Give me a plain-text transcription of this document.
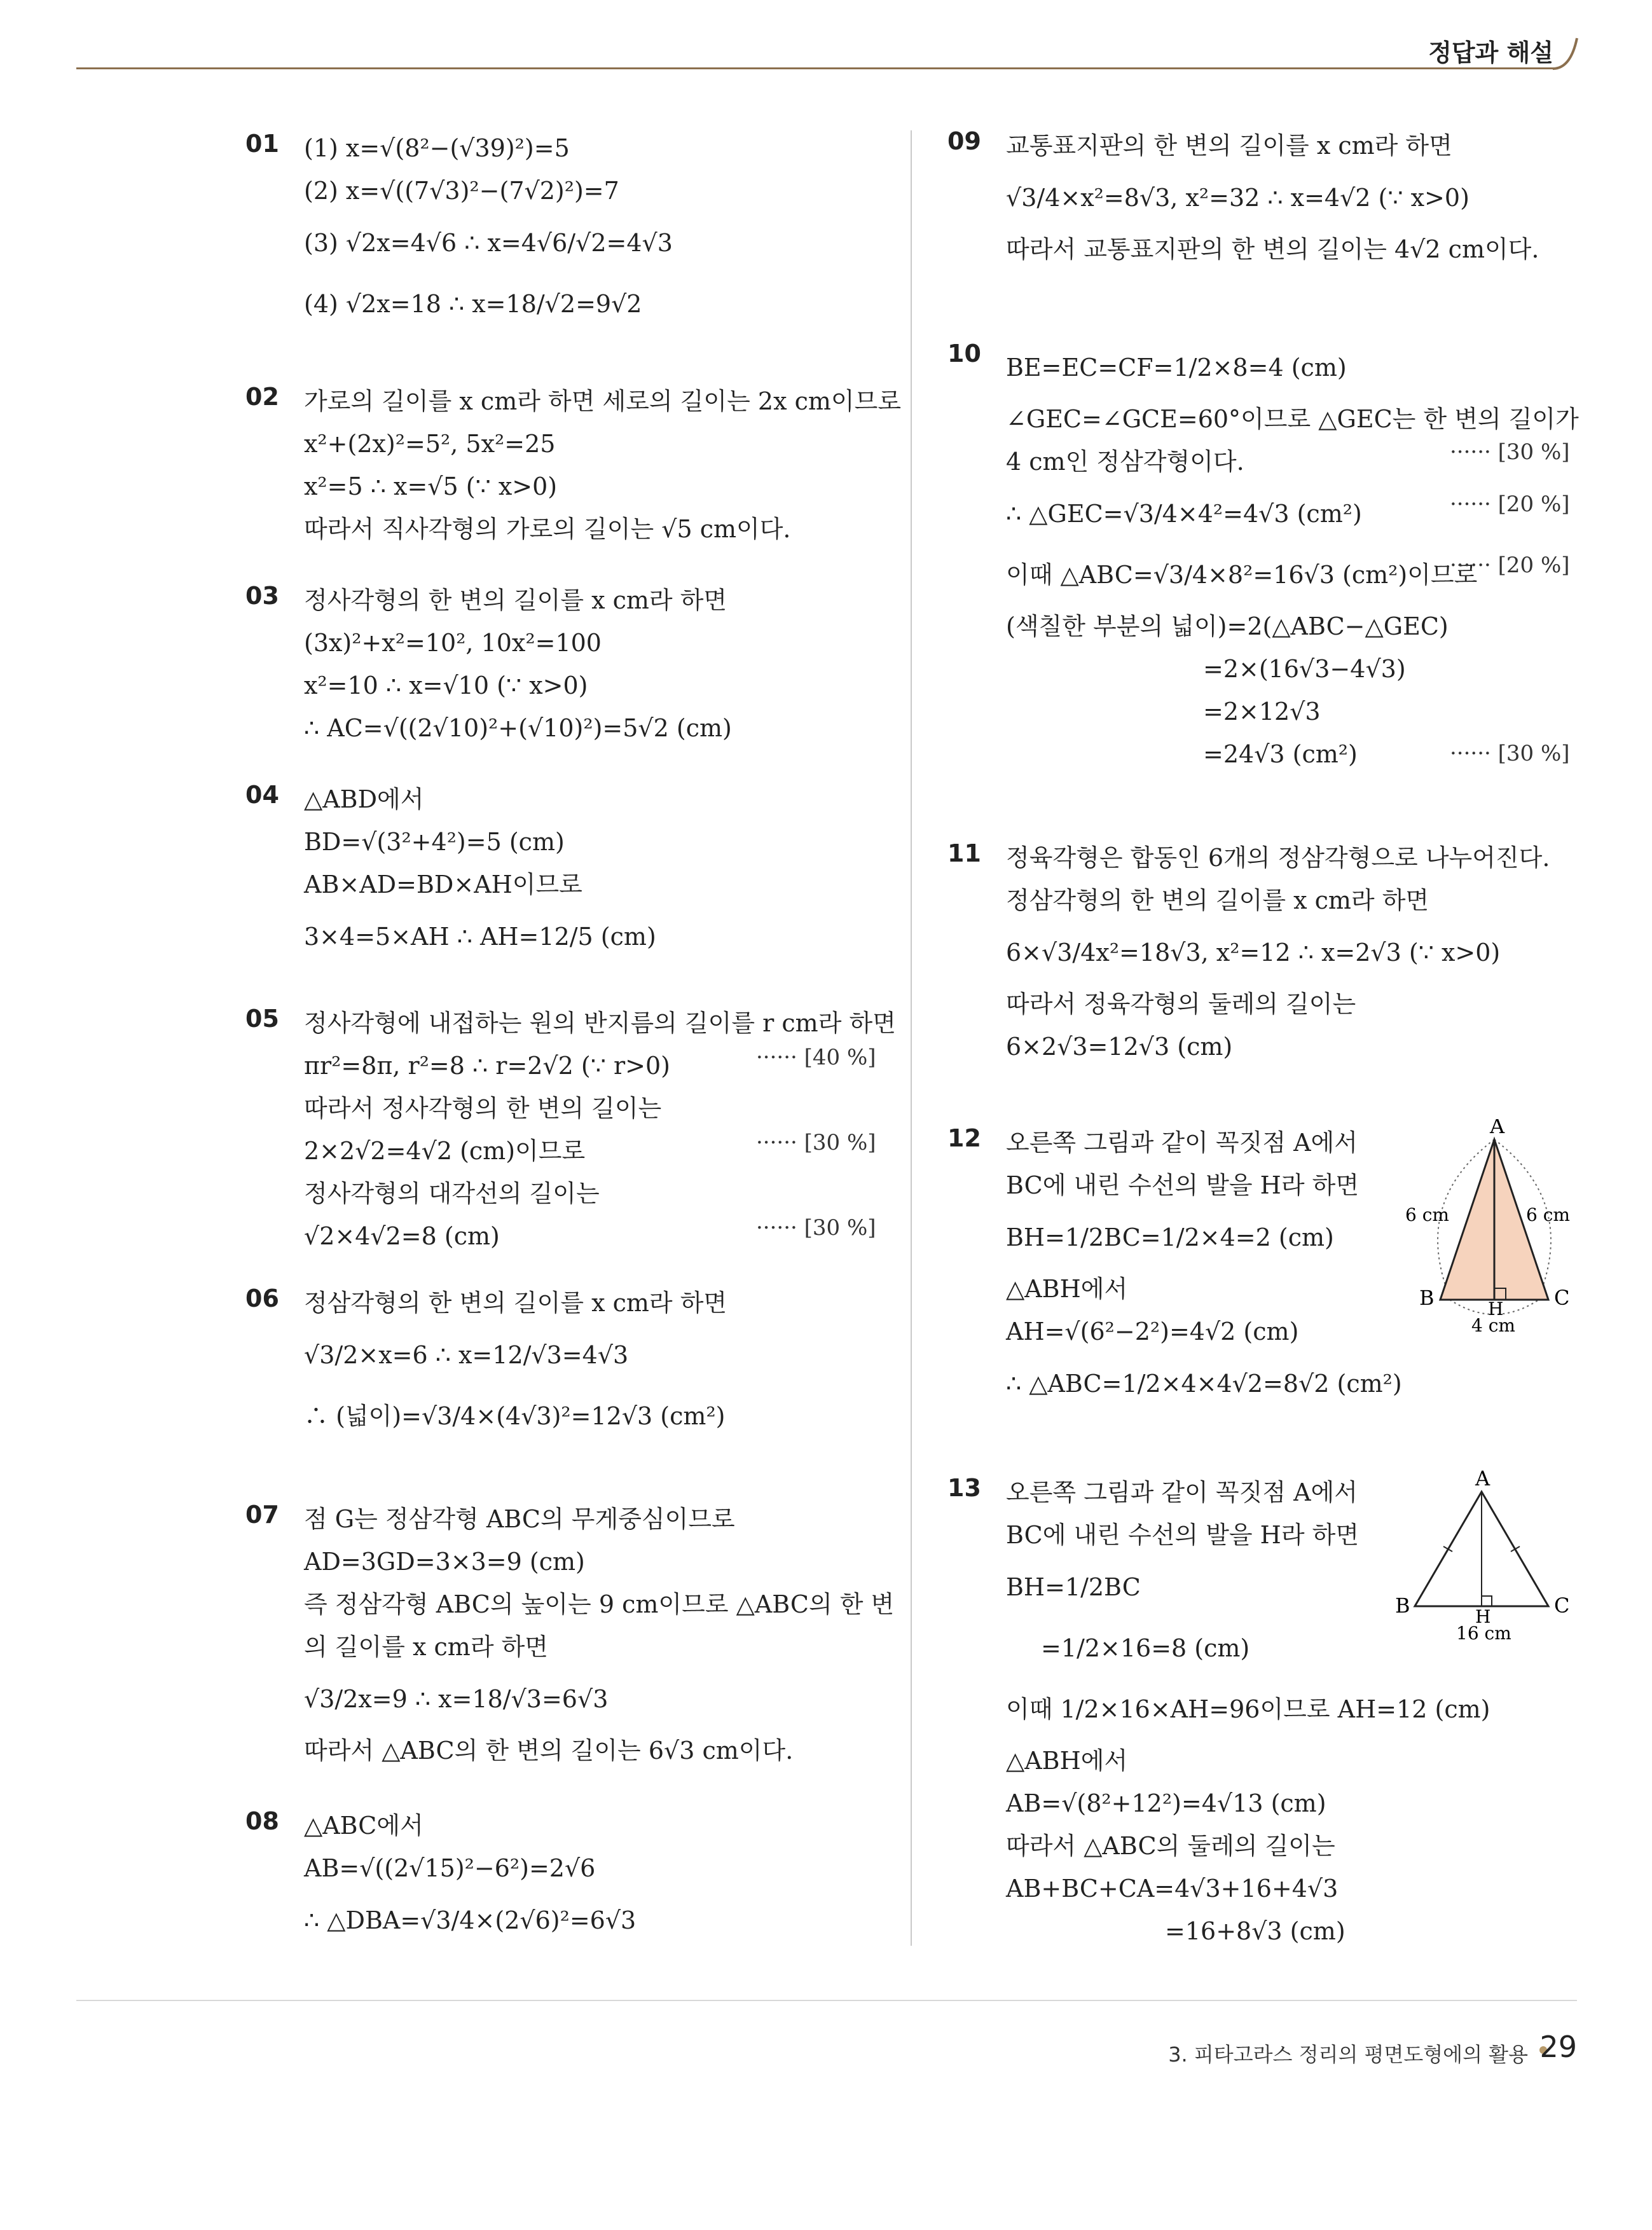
정답과 해설
01 (1) x=√(8²−(√39)²)=5
(2) x=√((7√3)²−(7√2)²)=7
(3) √2x=4√6 ∴ x=4√6/√2=4√3
(4) √2x=18 ∴ x=18/√2=9√2
02 가로의 길이를 x cm라 하면 세로의 길이는 2x cm이므로
x²+(2x)²=5², 5x²=25
x²=5 ∴ x=√5 (∵ x>0)
따라서 직사각형의 가로의 길이는 √5 cm이다.
03 정사각형의 한 변의 길이를 x cm라 하면
(3x)²+x²=10², 10x²=100
x²=10 ∴ x=√10 (∵ x>0)
∴ AC=√((2√10)²+(√10)²)=5√2 (cm)
04 △ABD에서
BD=√(3²+4²)=5 (cm)
AB×AD=BD×AH이므로
3×4=5×AH ∴ AH=12/5 (cm)
05 정사각형에 내접하는 원의 반지름의 길이를 r cm라 하면
πr²=8π, r²=8 ∴ r=2√2 (∵ r>0)
따라서 정사각형의 한 변의 길이는
2×2√2=4√2 (cm)이므로
정사각형의 대각선의 길이는
√2×4√2=8 (cm)
······ [40 %]
······ [30 %]
······ [30 %]
06 정삼각형의 한 변의 길이를 x cm라 하면
√3/2×x=6 ∴ x=12/√3=4√3
∴ (넓이)=√3/4×(4√3)²=12√3 (cm²)
07 점 G는 정삼각형 ABC의 무게중심이므로
AD=3GD=3×3=9 (cm)
즉 정삼각형 ABC의 높이는 9 cm이므로 △ABC의 한 변
의 길이를 x cm라 하면
√3/2x=9 ∴ x=18/√3=6√3
따라서 △ABC의 한 변의 길이는 6√3 cm이다.
08 △ABC에서
AB=√((2√15)²−6²)=2√6
∴ △DBA=√3/4×(2√6)²=6√3
09 교통표지판의 한 변의 길이를 x cm라 하면
√3/4×x²=8√3, x²=32 ∴ x=4√2 (∵ x>0)
따라서 교통표지판의 한 변의 길이는 4√2 cm이다.
10 BE=EC=CF=1/2×8=4 (cm)
∠GEC=∠GCE=60°이므로 △GEC는 한 변의 길이가
4 cm인 정삼각형이다.
∴ △GEC=√3/4×4²=4√3 (cm²)
이때 △ABC=√3/4×8²=16√3 (cm²)이므로
(색칠한 부분의 넓이)=2(△ABC−△GEC)
=2×(16√3−4√3)
=2×12√3
=24√3 (cm²)
······ [30 %]
······ [20 %]
······ [20 %]
······ [30 %]
11 정육각형은 합동인 6개의 정삼각형으로 나누어진다.
정삼각형의 한 변의 길이를 x cm라 하면
6×√3/4x²=18√3, x²=12 ∴ x=2√3 (∵ x>0)
따라서 정육각형의 둘레의 길이는
6×2√3=12√3 (cm)
12 오른쪽 그림과 같이 꼭짓점 A에서
BC에 내린 수선의 발을 H라 하면
BH=1/2BC=1/2×4=2 (cm)
△ABH에서
AH=√(6²−2²)=4√2 (cm)
∴ △ABC=1/2×4×4√2=8√2 (cm²)
A
B	C
H
6 cm	6 cm
4 cm
13 오른쪽 그림과 같이 꼭짓점 A에서
BC에 내린 수선의 발을 H라 하면
BH=1/2BC
=1/2×16=8 (cm)
이때 1/2×16×AH=96이므로 AH=12 (cm)
△ABH에서
AB=√(8²+12²)=4√13 (cm)
따라서 △ABC의 둘레의 길이는
AB+BC+CA=4√3+16+4√3
=16+8√3 (cm)
A
B	C
H
16 cm
3. 피타고라스 정리의 평면도형에의 활용 29
